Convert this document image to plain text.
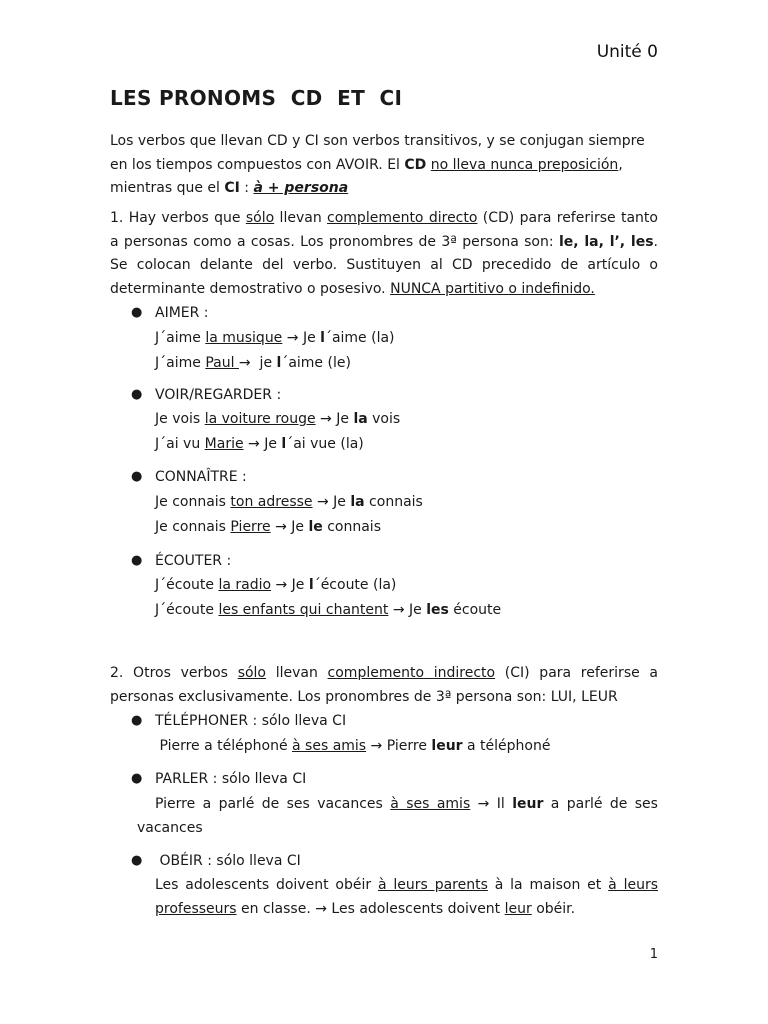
Unité 0
LES PRONOMS  CD  ET  CI

Los verbos que llevan CD y CI son verbos transitivos, y se conjugan siempre
en los tiempos compuestos con AVOIR. El CD no lleva nunca preposición,
mientras que el CI : à + persona

1. Hay verbos que sólo llevan complemento directo (CD) para referirse tanto a personas como a cosas. Los pronombres de 3ª persona son: le, la, l’, les. Se colocan delante del verbo. Sustituyen al CD precedido de artículo o determinante demostrativo o posesivo. NUNCA partitivo o indefinido.

● AIMER :
J´aime la musique → Je l´aime (la)
J´aime Paul →  je l´aime (le)
● VOIR/REGARDER :
Je vois la voiture rouge → Je la vois
J´ai vu Marie → Je l´ai vue (la)
● CONNAÎTRE :
Je connais ton adresse → Je la connais
Je connais Pierre → Je le connais
● ÉCOUTER :
J´écoute la radio → Je l´écoute (la)
J´écoute les enfants qui chantent → Je les écoute

2. Otros verbos sólo llevan complemento indirecto (CI) para referirse a personas exclusivamente. Los pronombres de 3ª persona son: LUI, LEUR

● TÉLÉPHONER : sólo lleva CI
Pierre a téléphoné à ses amis → Pierre leur a téléphoné
● PARLER : sólo lleva CI
Pierre a parlé de ses vacances à ses amis → Il leur a parlé de ses
vacances
● OBÉIR : sólo lleva CI

Les adolescents doivent obéir à leurs parents à la maison et à leurs professeurs en classe. → Les adolescents doivent leur obéir.

1
